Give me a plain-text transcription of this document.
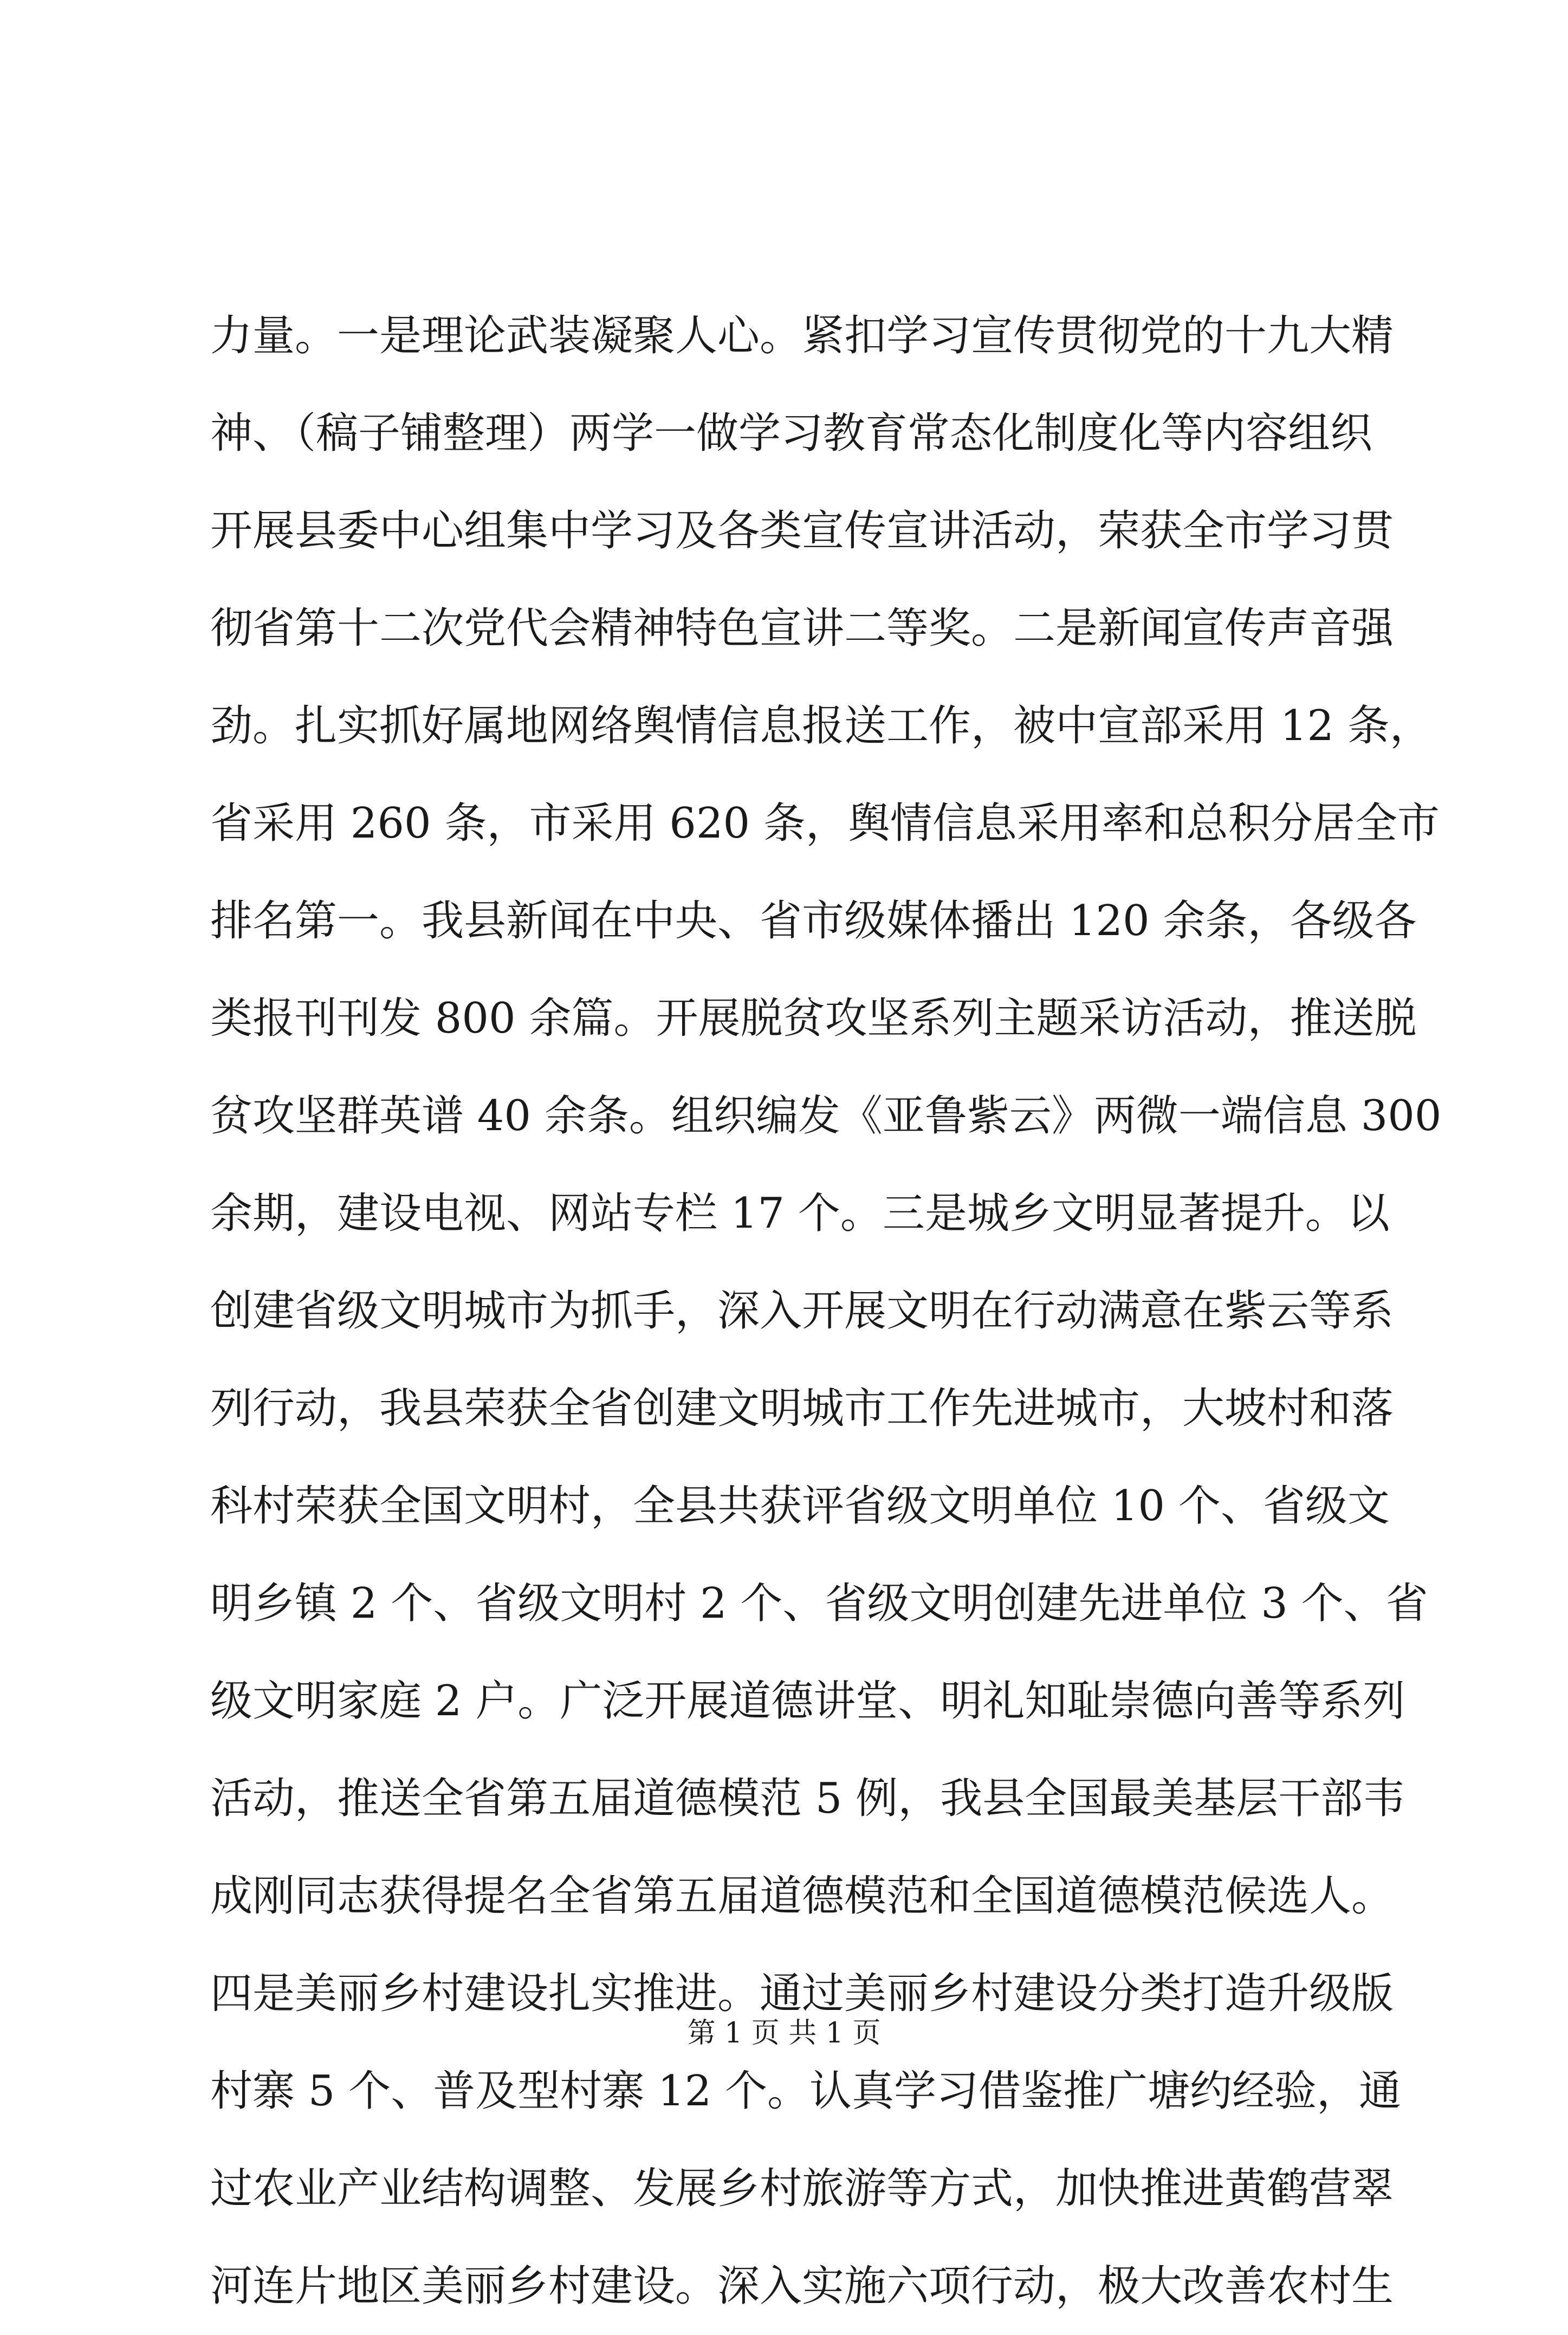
力量。一是理论武装凝聚人心。紧扣学习宣传贯彻党的十九大精
神、（稿子铺整理）两学一做学习教育常态化制度化等内容组织
开展县委中心组集中学习及各类宣传宣讲活动，荣获全市学习贯
彻省第十二次党代会精神特色宣讲二等奖。二是新闻宣传声音强
劲。扎实抓好属地网络舆情信息报送工作，被中宣部采用 12 条，
省采用 260 条，市采用 620 条，舆情信息采用率和总积分居全市
排名第一。我县新闻在中央、省市级媒体播出 120 余条，各级各
类报刊刊发 800 余篇。开展脱贫攻坚系列主题采访活动，推送脱
贫攻坚群英谱 40 余条。组织编发《亚鲁紫云》两微一端信息 300
余期，建设电视、网站专栏 17 个。三是城乡文明显著提升。以
创建省级文明城市为抓手，深入开展文明在行动满意在紫云等系
列行动，我县荣获全省创建文明城市工作先进城市，大坡村和落
科村荣获全国文明村，全县共获评省级文明单位 10 个、省级文
明乡镇 2 个、省级文明村 2 个、省级文明创建先进单位 3 个、省
级文明家庭 2 户。广泛开展道德讲堂、明礼知耻崇德向善等系列
活动，推送全省第五届道德模范 5 例，我县全国最美基层干部韦
成刚同志获得提名全省第五届道德模范和全国道德模范候选人。
四是美丽乡村建设扎实推进。通过美丽乡村建设分类打造升级版
村寨 5 个、普及型村寨 12 个。认真学习借鉴推广塘约经验，通
过农业产业结构调整、发展乡村旅游等方式，加快推进黄鹤营翠
河连片地区美丽乡村建设。深入实施六项行动，极大改善农村生
第 1 页 共 1 页
